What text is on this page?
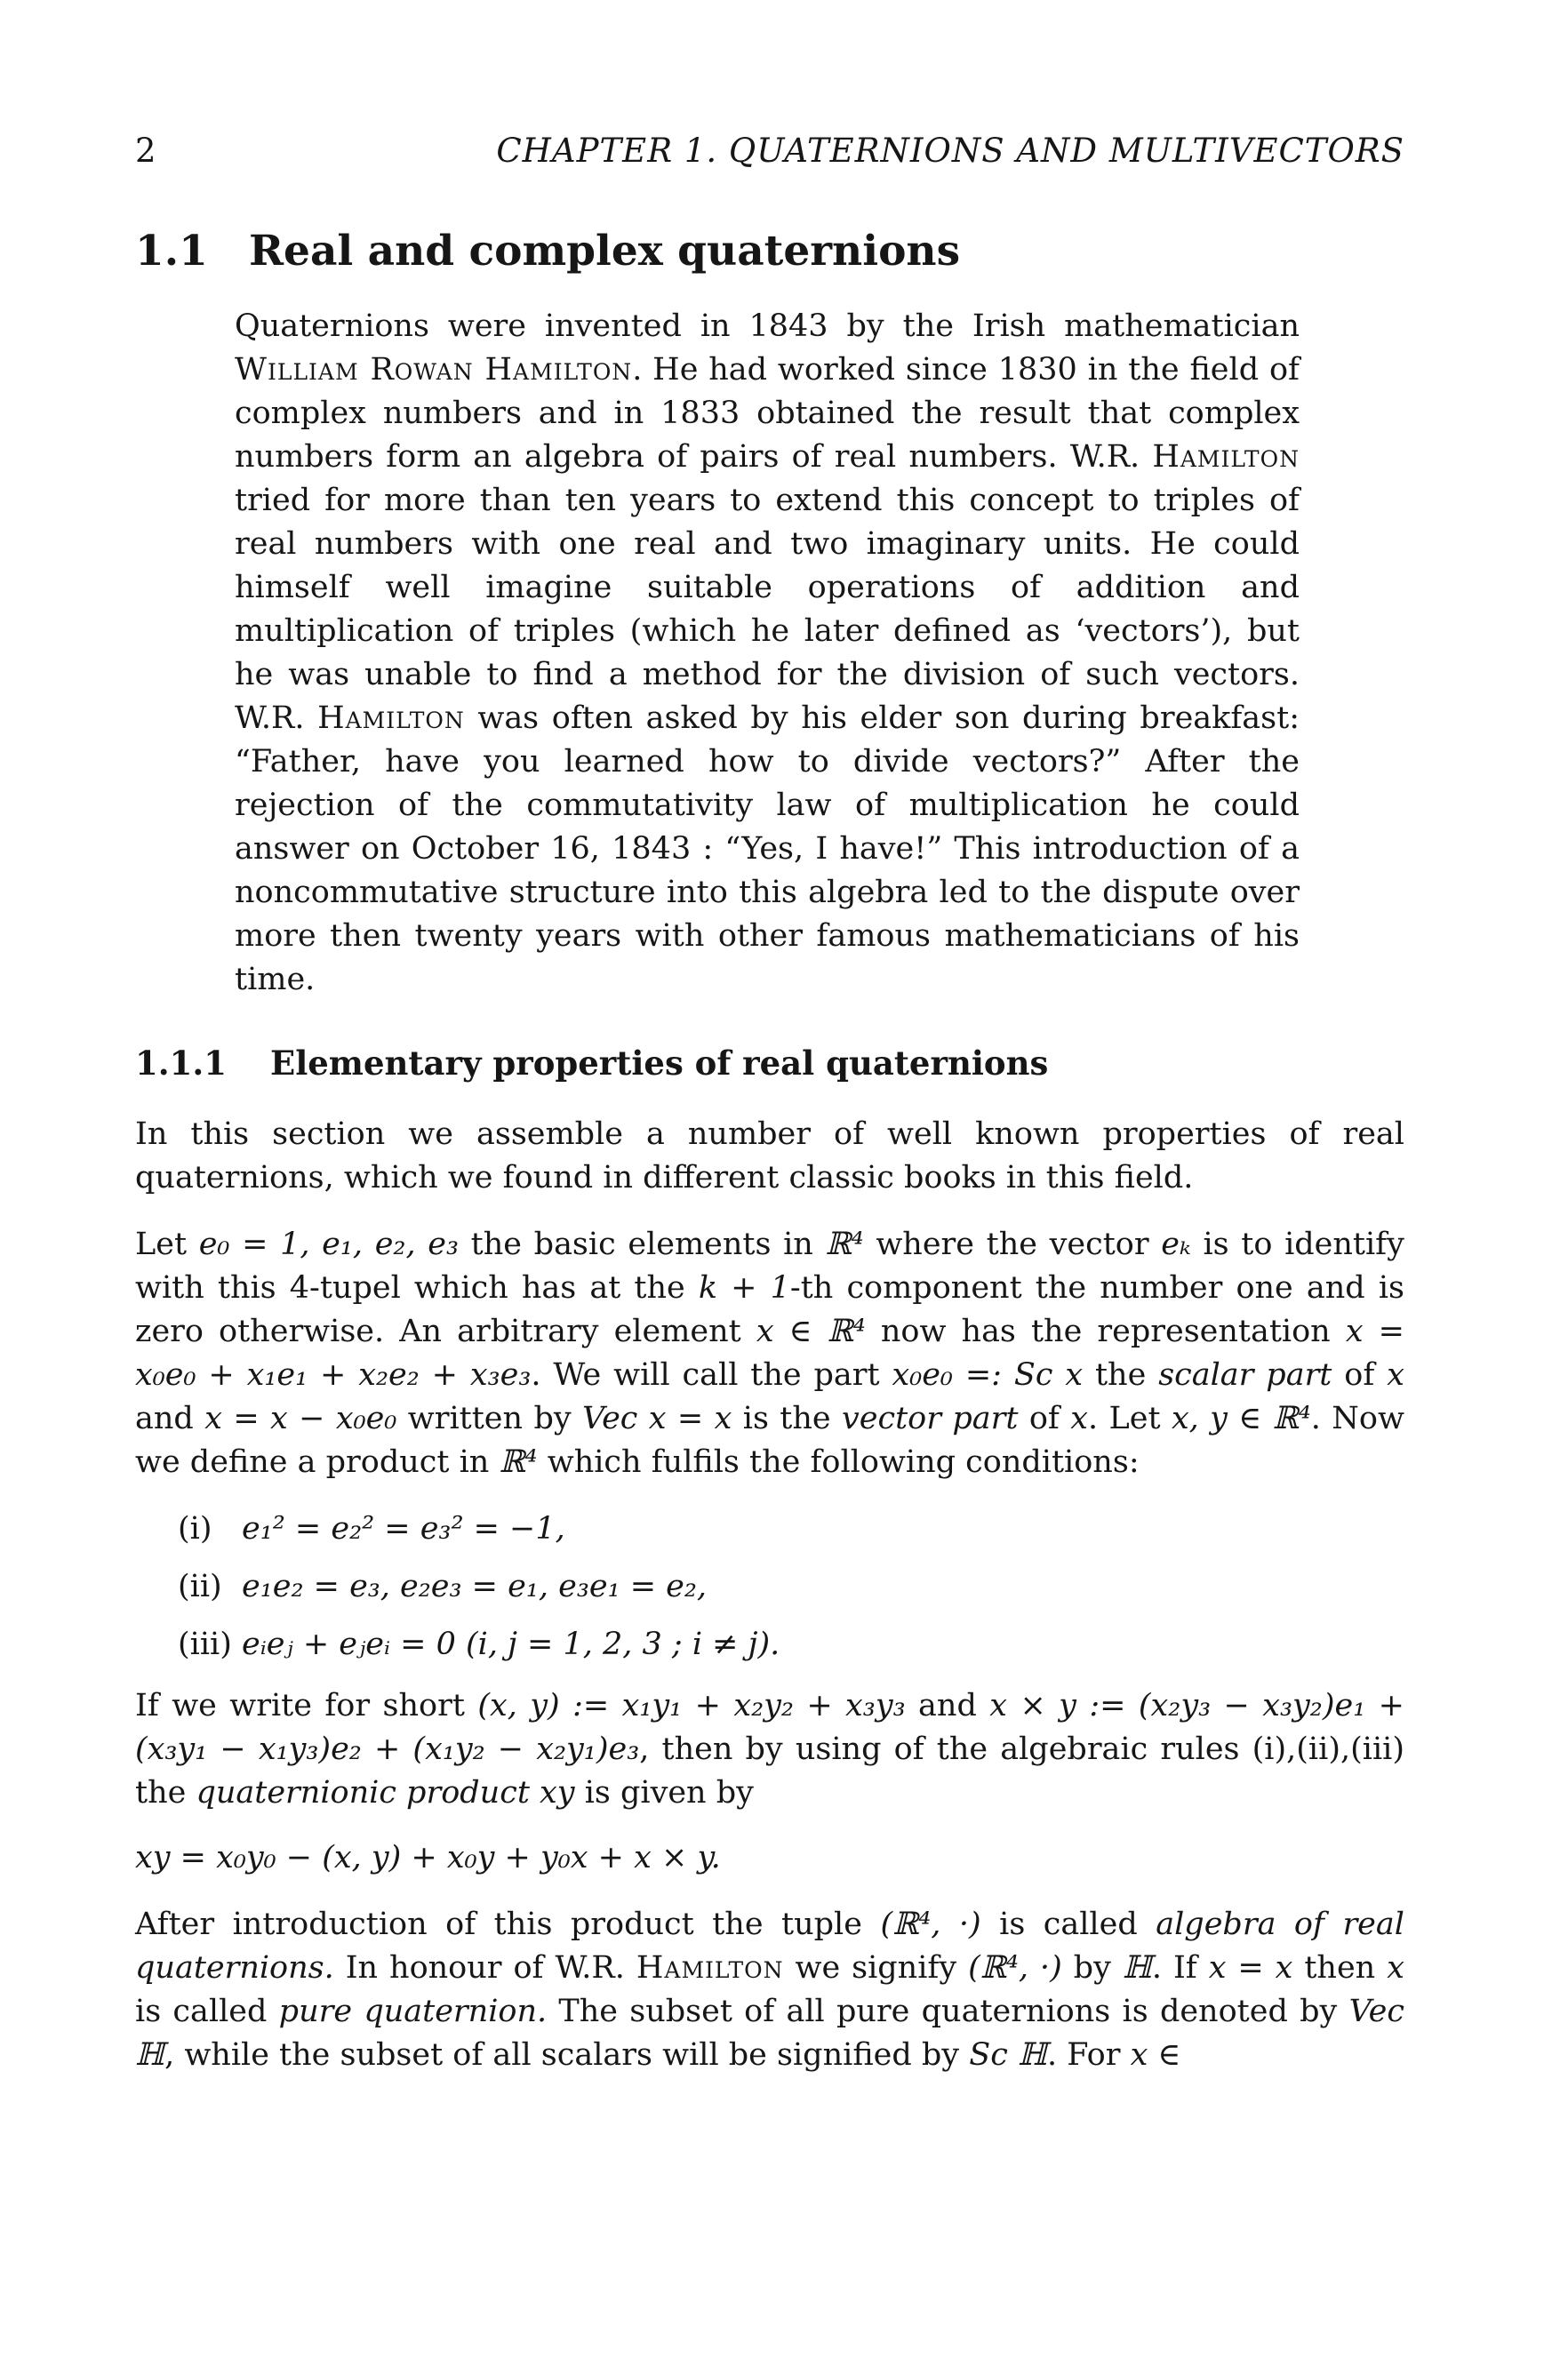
2	CHAPTER 1. QUATERNIONS AND MULTIVECTORS
1.1 Real and complex quaternions

Quaternions were invented in 1843 by the Irish mathematician William Rowan Hamilton. He had worked since 1830 in the field of complex numbers and in 1833 obtained the result that complex numbers form an algebra of pairs of real numbers. W.R. Hamilton tried for more than ten years to extend this concept to triples of real numbers with one real and two imaginary units. He could himself well imagine suitable operations of addition and multiplication of triples (which he later defined as ‘vectors’), but he was unable to find a method for the division of such vectors. W.R. Hamilton was often asked by his elder son during breakfast: “Father, have you learned how to divide vectors?” After the rejection of the commutativity law of multiplication he could answer on October 16, 1843 : “Yes, I have!” This introduction of a noncommutative structure into this algebra led to the dispute over more then twenty years with other famous mathematicians of his time.

1.1.1 Elementary properties of real quaternions

In this section we assemble a number of well known properties of real quaternions, which we found in different classic books in this field.

Let e₀ = 1, e₁, e₂, e₃ the basic elements in ℝ⁴ where the vector eₖ is to identify with this 4-tupel which has at the k + 1-th component the number one and is zero otherwise. An arbitrary element x ∈ ℝ⁴ now has the representation x = x₀e₀ + x₁e₁ + x₂e₂ + x₃e₃. We will call the part x₀e₀ =: Sc x the scalar part of x and x = x − x₀e₀ written by Vec x = x is the vector part of x. Let x, y ∈ ℝ⁴. Now we define a product in ℝ⁴ which fulfils the following conditions:

(i) e₁² = e₂² = e₃² = −1,
(ii) e₁e₂ = e₃, e₂e₃ = e₁, e₃e₁ = e₂,
(iii) eᵢeⱼ + eⱼeᵢ = 0 (i, j = 1, 2, 3 ; i ≠ j).

If we write for short (x, y) := x₁y₁ + x₂y₂ + x₃y₃ and x × y := (x₂y₃ − x₃y₂)e₁ + (x₃y₁ − x₁y₃)e₂ + (x₁y₂ − x₂y₁)e₃, then by using of the algebraic rules (i),(ii),(iii) the quaternionic product xy is given by

xy = x₀y₀ − (x, y) + x₀y + y₀x + x × y.

After introduction of this product the tuple (ℝ⁴, ·) is called algebra of real quaternions. In honour of W.R. Hamilton we signify (ℝ⁴, ·) by ℍ. If x = x then x is called pure quaternion. The subset of all pure quaternions is denoted by Vec ℍ, while the subset of all scalars will be signified by Sc ℍ. For x ∈
